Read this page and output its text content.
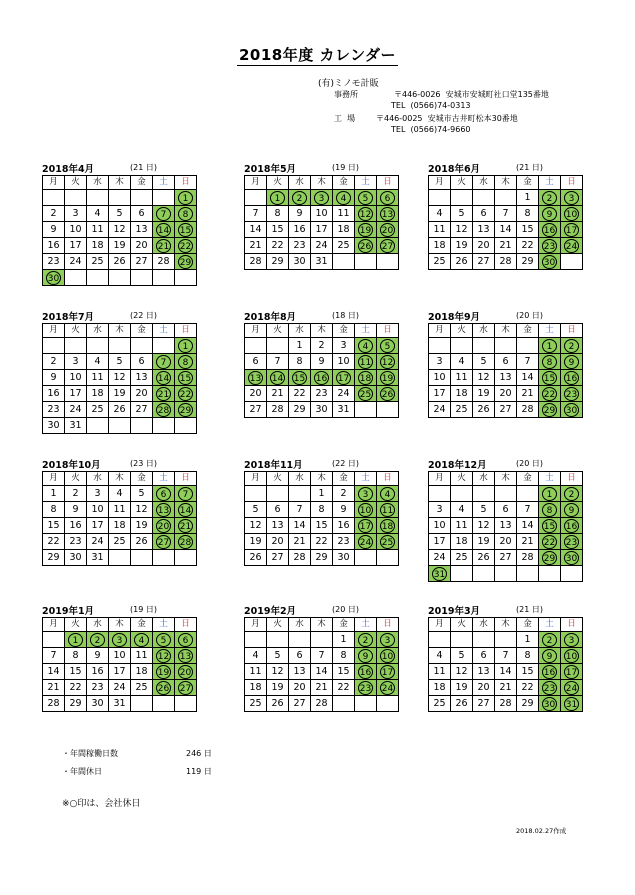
2018年度 カレンダー
(有)ミノモ計販
事務所	〒446-0026  安城市安城町社口堂135番地
TEL  (0566)74-0313
工  場	〒446-0025  安城市古井町松本30番地
TEL  (0566)74-9660
2018年4月	(21 日)
月	火	水	木	金	土	日
						1
2	3	4	5	6	7	8
9	10	11	12	13	14	15
16	17	18	19	20	21	22
23	24	25	26	27	28	29
30						
2018年5月	(19 日)
月	火	水	木	金	土	日
	1	2	3	4	5	6
7	8	9	10	11	12	13
14	15	16	17	18	19	20
21	22	23	24	25	26	27
28	29	30	31			
2018年6月	(21 日)
月	火	水	木	金	土	日
				1	2	3
4	5	6	7	8	9	10
11	12	13	14	15	16	17
18	19	20	21	22	23	24
25	26	27	28	29	30	
2018年7月	(22 日)
月	火	水	木	金	土	日
						1
2	3	4	5	6	7	8
9	10	11	12	13	14	15
16	17	18	19	20	21	22
23	24	25	26	27	28	29
30	31					
2018年8月	(18 日)
月	火	水	木	金	土	日
		1	2	3	4	5
6	7	8	9	10	11	12
13	14	15	16	17	18	19
20	21	22	23	24	25	26
27	28	29	30	31		
2018年9月	(20 日)
月	火	水	木	金	土	日
					1	2
3	4	5	6	7	8	9
10	11	12	13	14	15	16
17	18	19	20	21	22	23
24	25	26	27	28	29	30
2018年10月	(23 日)
月	火	水	木	金	土	日
1	2	3	4	5	6	7
8	9	10	11	12	13	14
15	16	17	18	19	20	21
22	23	24	25	26	27	28
29	30	31				
2018年11月	(22 日)
月	火	水	木	金	土	日
			1	2	3	4
5	6	7	8	9	10	11
12	13	14	15	16	17	18
19	20	21	22	23	24	25
26	27	28	29	30		
2018年12月	(20 日)
月	火	水	木	金	土	日
					1	2
3	4	5	6	7	8	9
10	11	12	13	14	15	16
17	18	19	20	21	22	23
24	25	26	27	28	29	30
31						
2019年1月	(19 日)
月	火	水	木	金	土	日
	1	2	3	4	5	6
7	8	9	10	11	12	13
14	15	16	17	18	19	20
21	22	23	24	25	26	27
28	29	30	31			
2019年2月	(20 日)
月	火	水	木	金	土	日
				1	2	3
4	5	6	7	8	9	10
11	12	13	14	15	16	17
18	19	20	21	22	23	24
25	26	27	28			
2019年3月	(21 日)
月	火	水	木	金	土	日
				1	2	3
4	5	6	7	8	9	10
11	12	13	14	15	16	17
18	19	20	21	22	23	24
25	26	27	28	29	30	31
・年間稼働日数	246 日
・年間休日	119 日
※○印は、会社休日
2018.02.27作成
